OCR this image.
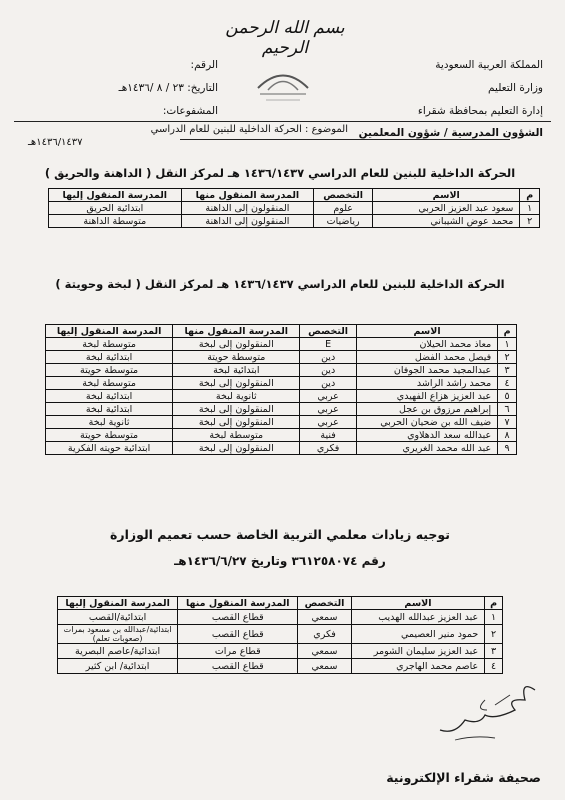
بسم الله الرحمن الرحيم
المملكة العربية السعودية
وزارة التعليم
إدارة التعليم بمحافظة شقراء
الرقم:
التاريخ: ٢٣ / ٨ /١٤٣٦هـ
المشفوعات:
الشؤون المدرسية / شؤون المعلمين
الموضوع : الحركة الداخلية للبنين للعام الدراسي
١٤٣٦/١٤٣٧هـ
الحركة الداخلية للبنين للعام الدراسي ١٤٣٦/١٤٣٧ هـ لمركز النقل ( الداهنة والحريق )
م	الاسم	التخصص	المدرسة المنقول منها	المدرسة المنقول إليها
١	سعود عبد العزيز الحربي	علوم	المنقولون إلى الداهنة	ابتدائية الحريق
٢	محمد عوض الشيباني	رياضيات	المنقولون إلى الداهنة	متوسطة الداهنة
الحركة الداخلية للبنين للعام الدراسي ١٤٣٦/١٤٣٧ هـ لمركز النقل ( لبخة وحويتة )
م	الاسم	التخصص	المدرسة المنقول منها	المدرسة المنقول إليها
١	معاذ محمد الحيلان	E	المنقولون إلى لبخة	متوسطة لبخة
٢	فيصل محمد الفضل	دين	متوسطة حويتة	ابتدائية لبخة
٣	عبدالمجيد محمد الجوفان	دين	ابتدائية لبخة	متوسطة حويتة
٤	محمد راشد الراشد	دين	المنقولون إلى لبخة	متوسطة لبخة
٥	عبد العزيز هزاع الفهيدي	عربي	ثانوية لبخة	ابتدائية لبخة
٦	إبراهيم مرزوق بن عجل	عربي	المنقولون إلى لبخة	ابتدائية لبخة
٧	ضيف الله بن ضحيان الحربي	عربي	المنقولون إلى لبخة	ثانوية لبخة
٨	عبدالله سعد الدهلاوي	فنية	متوسطة لبخة	متوسطة حويتة
٩	عبد الله محمد الغريري	فكري	المنقولون إلى لبخة	ابتدائية حويته الفكرية
توجيه زيادات معلمي التربية الخاصة حسب تعميم الوزارة
رقم ٣٦١٢٥٨٠٧٤ وتاريخ ١٤٣٦/٦/٢٧هـ
م	الاسم	التخصص	المدرسة المنقول منها	المدرسة المنقول إليها
١	عبد العزيز عبدالله الهديب	سمعي	قطاع القصب	ابتدائية/القصب
٢	حمود منير العصيمي	فكري	قطاع القصب	ابتدائية/عبدالله بن مسعود بمرات (صعوبات تعلم)
٣	عبد العزيز سليمان الشومر	سمعي	قطاع مرات	ابتدائية/عاصم البصرية
٤	عاصم محمد الهاجري	سمعي	قطاع القصب	ابتدائية/ ابن كثير
صحيفة شقراء الإلكترونية
